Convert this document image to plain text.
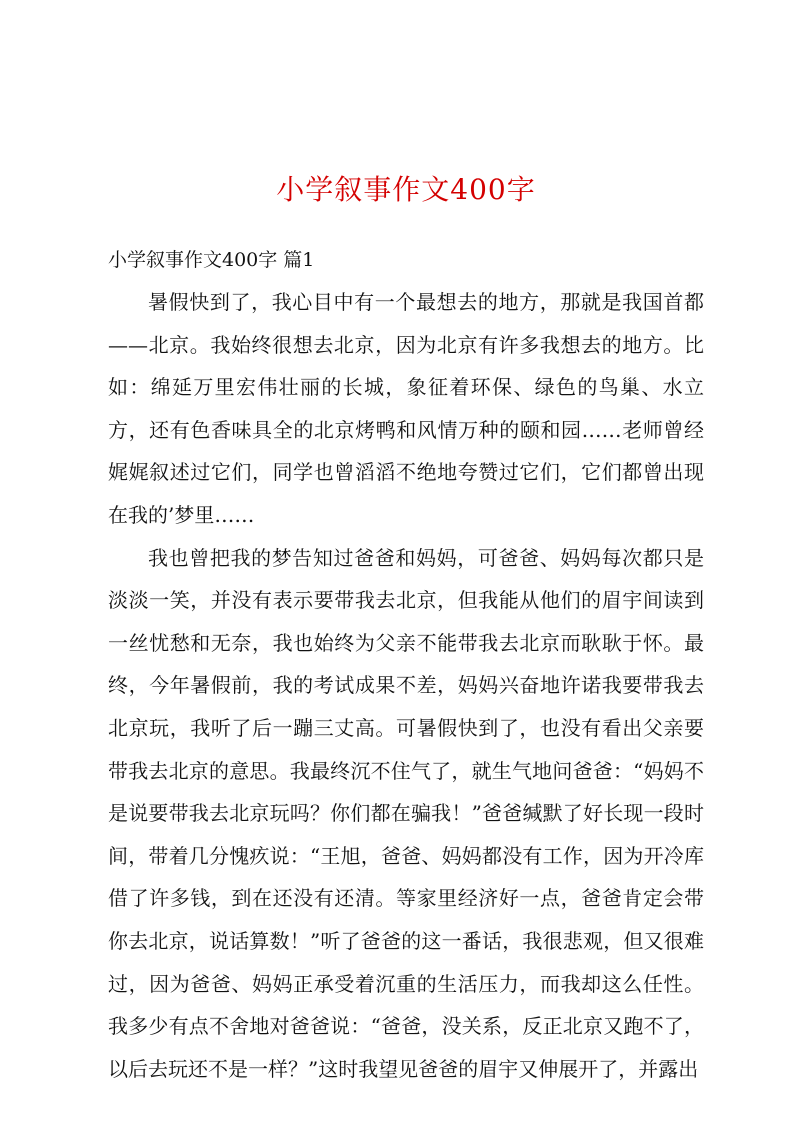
小学叙事作文400字
小学叙事作文400字 篇1

暑假快到了，我心目中有一个最想去的地方，那就是我国首都——北京。我始终很想去北京，因为北京有许多我想去的地方。比如：绵延万里宏伟壮丽的长城，象征着环保、绿色的鸟巢、水立方，还有色香味具全的北京烤鸭和风情万种的颐和园……老师曾经娓娓叙述过它们，同学也曾滔滔不绝地夸赞过它们，它们都曾出现在我的’梦里……

我也曾把我的梦告知过爸爸和妈妈，可爸爸、妈妈每次都只是淡淡一笑，并没有表示要带我去北京，但我能从他们的眉宇间读到一丝忧愁和无奈，我也始终为父亲不能带我去北京而耿耿于怀。最终，今年暑假前，我的考试成果不差，妈妈兴奋地许诺我要带我去北京玩，我听了后一蹦三丈高。可暑假快到了，也没有看出父亲要带我去北京的意思。我最终沉不住气了，就生气地问爸爸：“妈妈不是说要带我去北京玩吗？你们都在骗我！”爸爸缄默了好长现一段时间，带着几分愧疚说：“王旭，爸爸、妈妈都没有工作，因为开冷库借了许多钱，到在还没有还清。等家里经济好一点，爸爸肯定会带你去北京，说话算数！”听了爸爸的这一番话，我很悲观，但又很难过，因为爸爸、妈妈正承受着沉重的生活压力，而我却这么任性。我多少有点不舍地对爸爸说：“爸爸，没关系，反正北京又跑不了，以后去玩还不是一样？”这时我望见爸爸的眉宇又伸展开了，并露出
